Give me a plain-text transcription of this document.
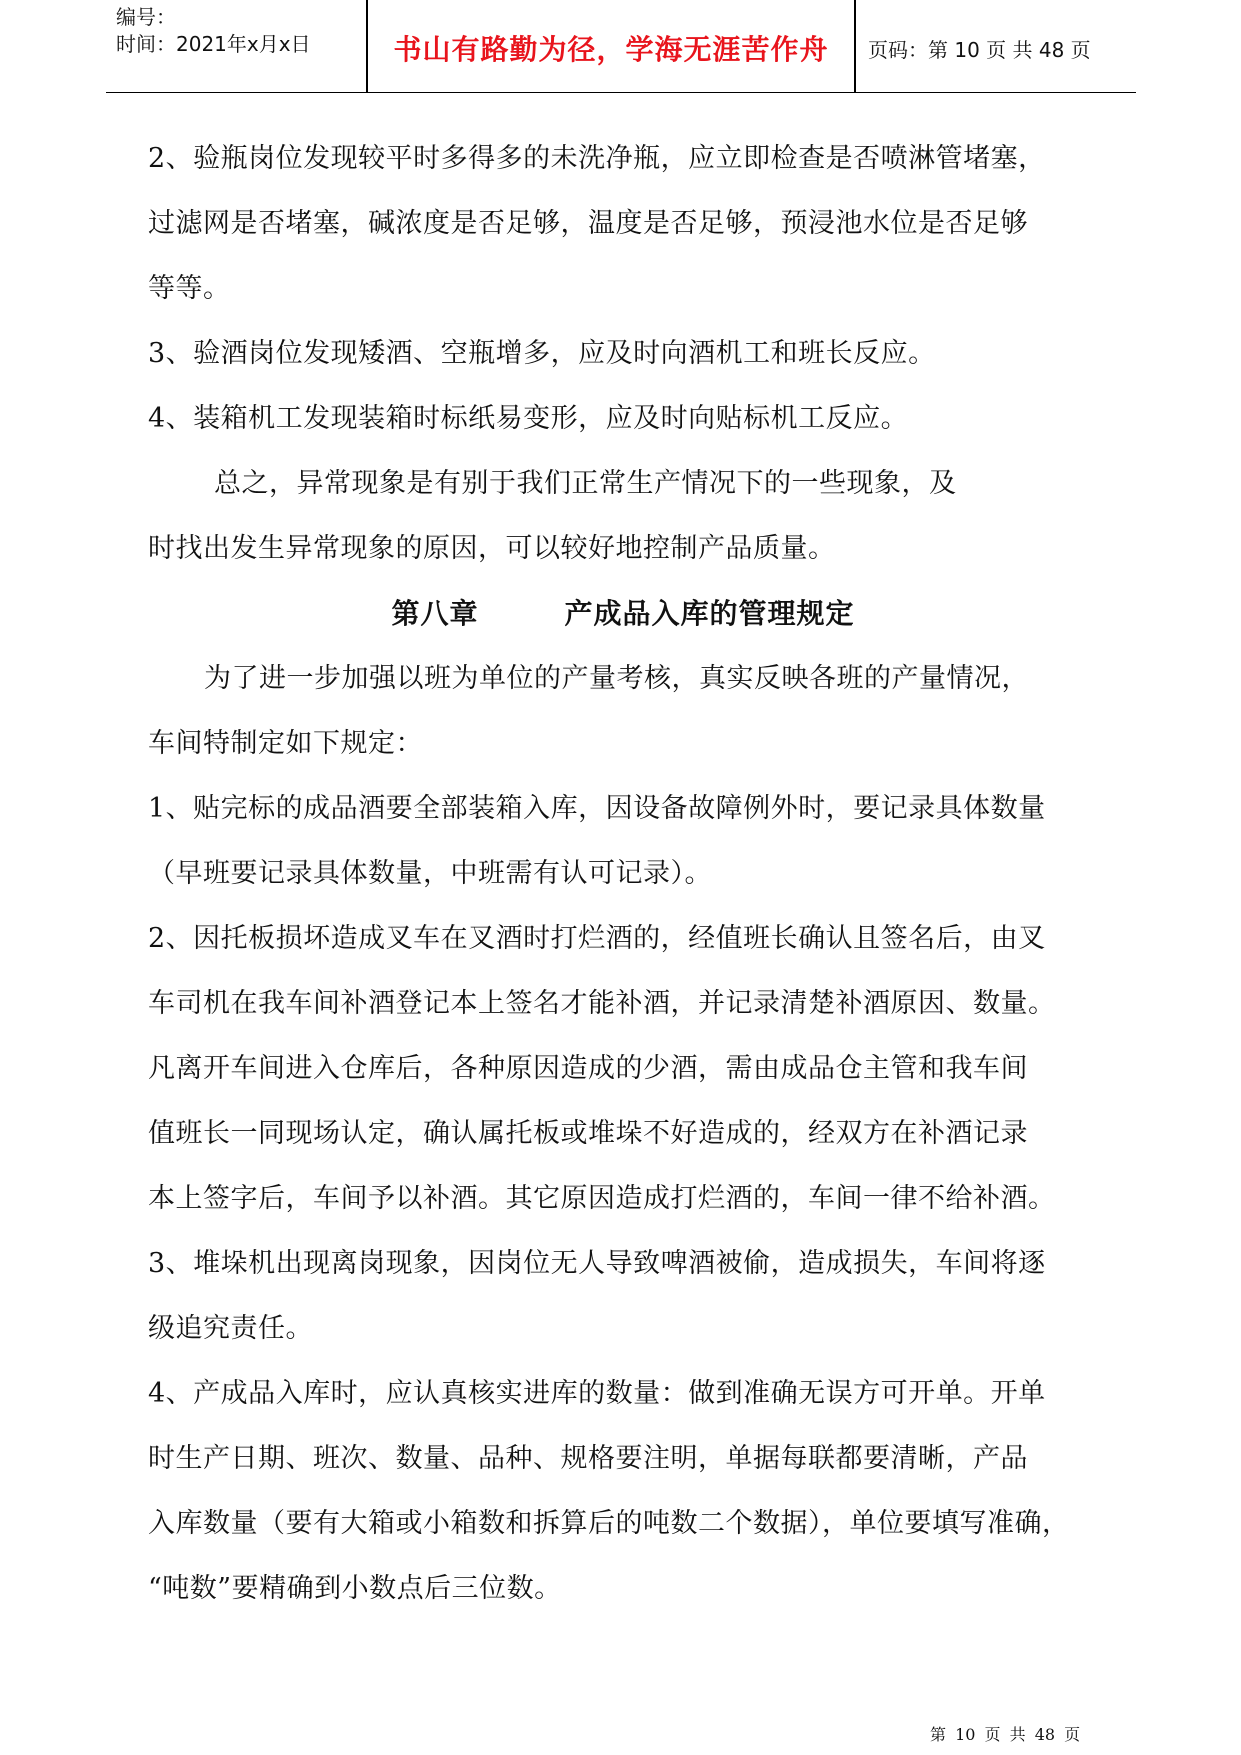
编号：
时间：2021年x月x日	书山有路勤为径，学海无涯苦作舟	页码：第 10 页 共 48 页
2、验瓶岗位发现较平时多得多的未洗净瓶，应立即检查是否喷淋管堵塞，
过滤网是否堵塞，碱浓度是否足够，温度是否足够，预浸池水位是否足够
等等。
3、验酒岗位发现矮酒、空瓶增多，应及时向酒机工和班长反应。
4、装箱机工发现装箱时标纸易变形，应及时向贴标机工反应。
总之，异常现象是有别于我们正常生产情况下的一些现象，及
时找出发生异常现象的原因，可以较好地控制产品质量。
第八章        产成品入库的管理规定
为了进一步加强以班为单位的产量考核，真实反映各班的产量情况，
车间特制定如下规定：
1、贴完标的成品酒要全部装箱入库，因设备故障例外时，要记录具体数量
（早班要记录具体数量，中班需有认可记录）。
2、因托板损坏造成叉车在叉酒时打烂酒的，经值班长确认且签名后，由叉
车司机在我车间补酒登记本上签名才能补酒，并记录清楚补酒原因、数量。
凡离开车间进入仓库后，各种原因造成的少酒，需由成品仓主管和我车间
值班长一同现场认定，确认属托板或堆垛不好造成的，经双方在补酒记录
本上签字后，车间予以补酒。其它原因造成打烂酒的，车间一律不给补酒。
3、堆垛机出现离岗现象，因岗位无人导致啤酒被偷，造成损失，车间将逐
级追究责任。
4、产成品入库时，应认真核实进库的数量：做到准确无误方可开单。开单
时生产日期、班次、数量、品种、规格要注明，单据每联都要清晰，产品
入库数量（要有大箱或小箱数和拆算后的吨数二个数据），单位要填写准确，
“吨数”要精确到小数点后三位数。
第 10 页 共 48 页
